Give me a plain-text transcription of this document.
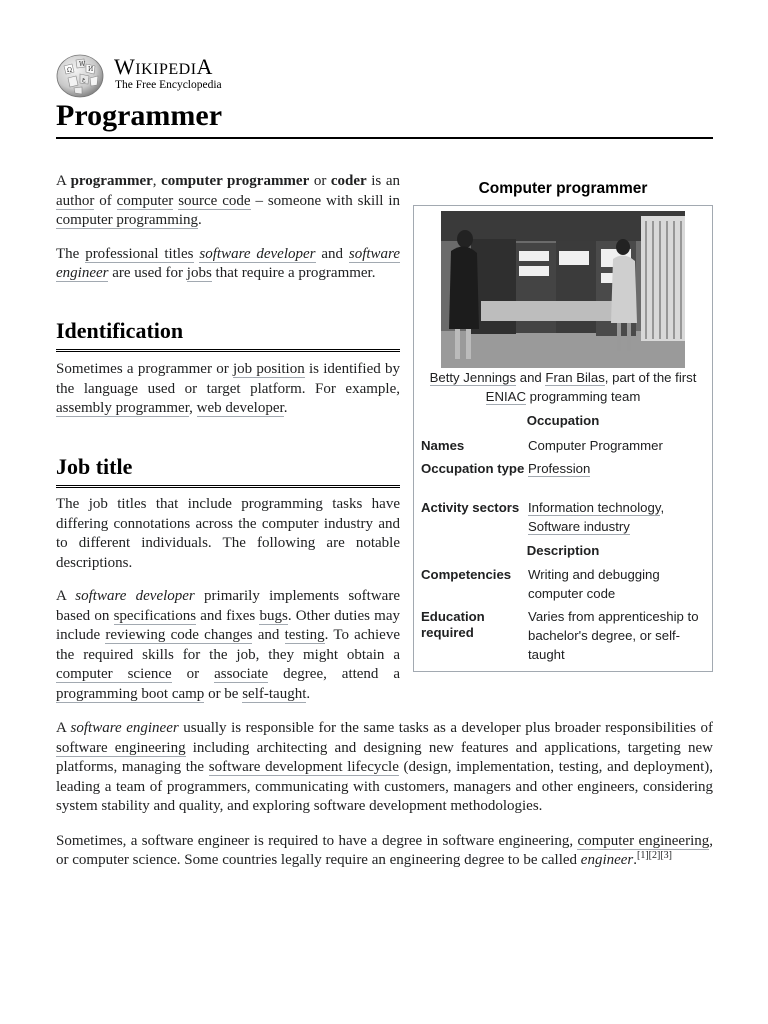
Ω
W
И
ع
WIKIPEDIA
The Free Encyclopedia
Programmer

A programmer, computer programmer or coder is an author of computer source code – someone with skill in computer programming.

The professional titles software developer and software engineer are used for jobs that require a programmer.

Identification

Sometimes a programmer or job position is identified by the language used or target platform. For example, assembly programmer, web developer.

Job title

The job titles that include programming tasks have differing connotations across the computer industry and to different individuals. The following are notable descriptions.

A software developer primarily implements software based on specifications and fixes bugs. Other duties may include reviewing code changes and testing. To achieve the required skills for the job, they might obtain a computer science or associate degree, attend a programming boot camp or be self-taught.

A software engineer usually is responsible for the same tasks as a developer plus broader responsibilities of software engineering including architecting and designing new features and applications, targeting new platforms, managing the software development lifecycle (design, implementation, testing, and deployment), leading a team of programmers, communicating with customers, managers and other engineers, considering system stability and quality, and exploring software development methodologies.

Sometimes, a software engineer is required to have a degree in software engineering, computer engineering, or computer science. Some countries legally require an engineering degree to be called engineer.[1][2][3]

Computer programmer
Betty Jennings and Fran Bilas, part of the first ENIAC programming team
Occupation
Names	Computer Programmer
Occupation type Profession
Activity sectors Information technology,
Software industry
Description
Competencies	Writing and debugging computer code
Education required
Varies from apprenticeship to bachelor's degree, or self-taught
